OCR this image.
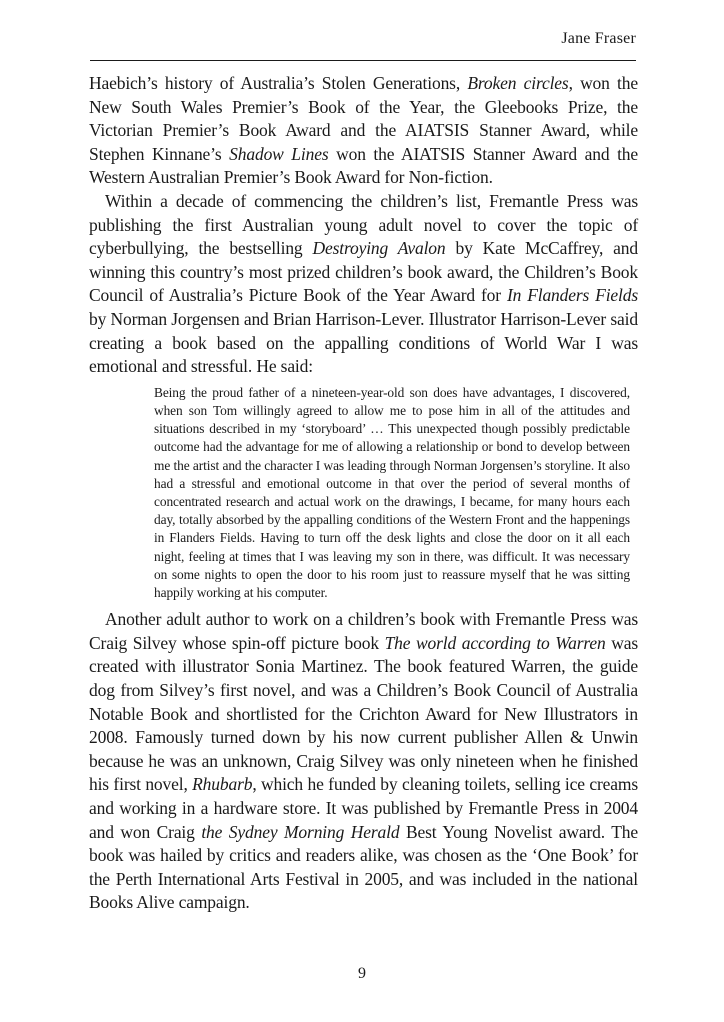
Jane Fraser

Haebich’s history of Australia’s Stolen Generations, Broken circles, won the New South Wales Premier’s Book of the Year, the Gleebooks Prize, the Victorian Premier’s Book Award and the AIATSIS Stanner Award, while Stephen Kinnane’s Shadow Lines won the AIATSIS Stanner Award and the Western Australian Premier’s Book Award for Non-fiction.

Within a decade of commencing the children’s list, Fremantle Press was publishing the first Australian young adult novel to cover the topic of cyberbullying, the bestselling Destroying Avalon by Kate McCaffrey, and winning this country’s most prized children’s book award, the Children’s Book Council of Australia’s Picture Book of the Year Award for In Flanders Fields by Norman Jorgensen and Brian Harrison-Lever. Illustrator Harrison-Lever said creating a book based on the appalling conditions of World War I was emotional and stressful. He said:

Being the proud father of a nineteen-year-old son does have advantages, I discovered, when son Tom willingly agreed to allow me to pose him in all of the attitudes and situations described in my ‘storyboard’ … This unexpected though possibly predictable outcome had the advantage for me of allowing a relationship or bond to develop between me the artist and the character I was leading through Norman Jorgensen’s storyline. It also had a stressful and emotional outcome in that over the period of several months of concentrated research and actual work on the drawings, I became, for many hours each day, totally absorbed by the appalling conditions of the Western Front and the happenings in Flanders Fields. Having to turn off the desk lights and close the door on it all each night, feeling at times that I was leaving my son in there, was difficult. It was necessary on some nights to open the door to his room just to reassure myself that he was sitting happily working at his computer.

Another adult author to work on a children’s book with Fremantle Press was Craig Silvey whose spin-off picture book The world according to Warren was created with illustrator Sonia Martinez. The book featured Warren, the guide dog from Silvey’s first novel, and was a Children’s Book Council of Australia Notable Book and shortlisted for the Crichton Award for New Illustrators in 2008. Famously turned down by his now current publisher Allen & Unwin because he was an unknown, Craig Silvey was only nineteen when he finished his first novel, Rhubarb, which he funded by cleaning toilets, selling ice creams and working in a hardware store. It was published by Fremantle Press in 2004 and won Craig the Sydney Morning Herald Best Young Novelist award. The book was hailed by critics and readers alike, was chosen as the ‘One Book’ for the Perth International Arts Festival in 2005, and was included in the national Books Alive campaign.

9
